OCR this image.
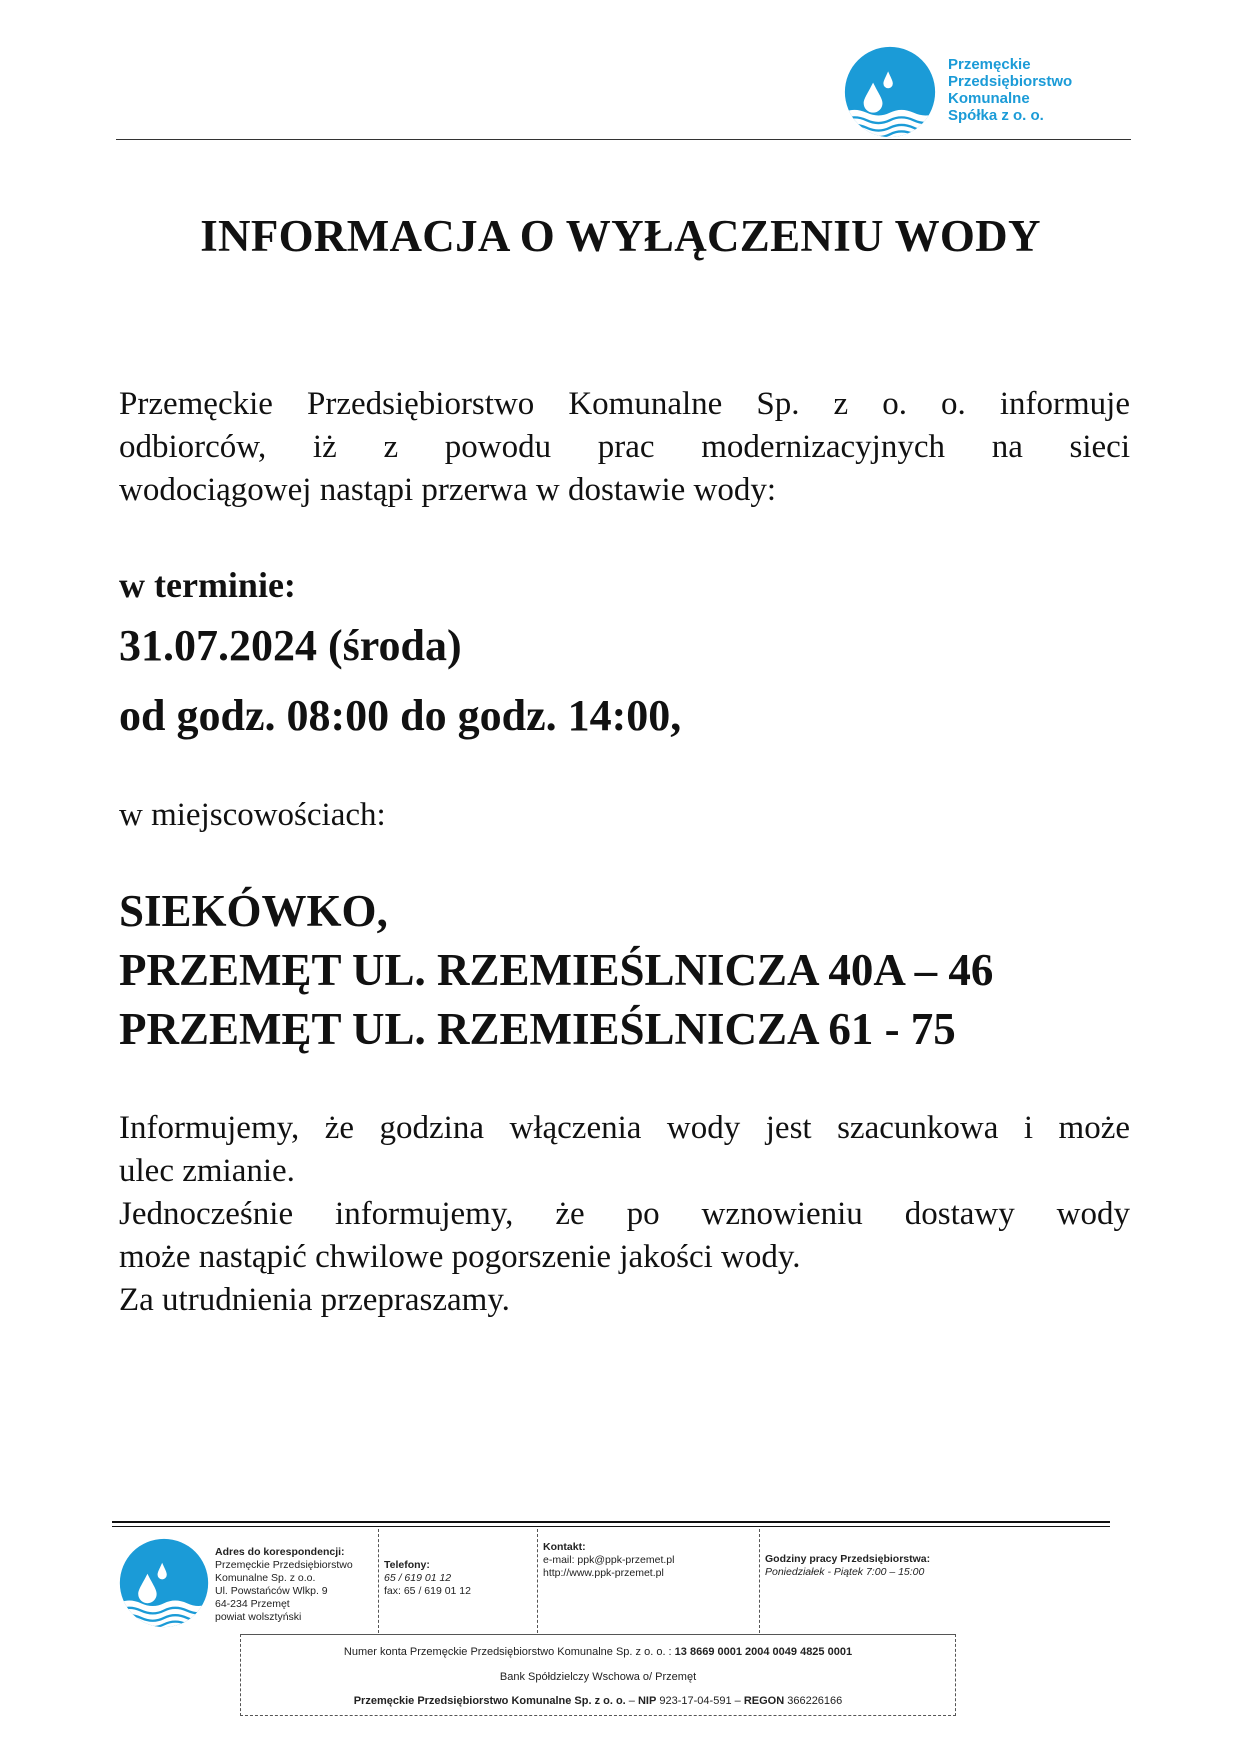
Przemęckie
Przedsiębiorstwo
Komunalne
Spółka z o. o.
INFORMACJA O WYŁĄCZENIU WODY
Przemęckie Przedsiębiorstwo Komunalne Sp. z o. o. informuje
odbiorców, iż z powodu prac modernizacyjnych na sieci
wodociągowej nastąpi przerwa w dostawie wody:
w terminie:
31.07.2024 (środa)
od godz. 08:00 do godz. 14:00,
w miejscowościach:
SIEKÓWKO,
PRZEMĘT UL. RZEMIEŚLNICZA 40A – 46
PRZEMĘT UL. RZEMIEŚLNICZA 61 - 75
Informujemy, że godzina włączenia wody jest szacunkowa i może
ulec zmianie.
Jednocześnie informujemy, że po wznowieniu dostawy wody
może nastąpić chwilowe pogorszenie jakości wody.
Za utrudnienia przepraszamy.
Adres do korespondencji:
Przemęckie Przedsiębiorstwo
Komunalne Sp. z o.o.
Ul. Powstańców Wlkp. 9
64-234 Przemęt
powiat wolsztyński
Telefony:
65 / 619 01 12
fax: 65 / 619 01 12
Kontakt:
e-mail: ppk@ppk-przemet.pl
http://www.ppk-przemet.pl
Godziny pracy Przedsiębiorstwa:
Poniedziałek - Piątek 7:00 – 15:00
Numer konta Przemęckie Przedsiębiorstwo Komunalne Sp. z o. o. : 13 8669 0001 2004 0049 4825 0001
Bank Spółdzielczy Wschowa o/ Przemęt
Przemęckie Przedsiębiorstwo Komunalne Sp. z o. o. – NIP 923-17-04-591 – REGON 366226166
